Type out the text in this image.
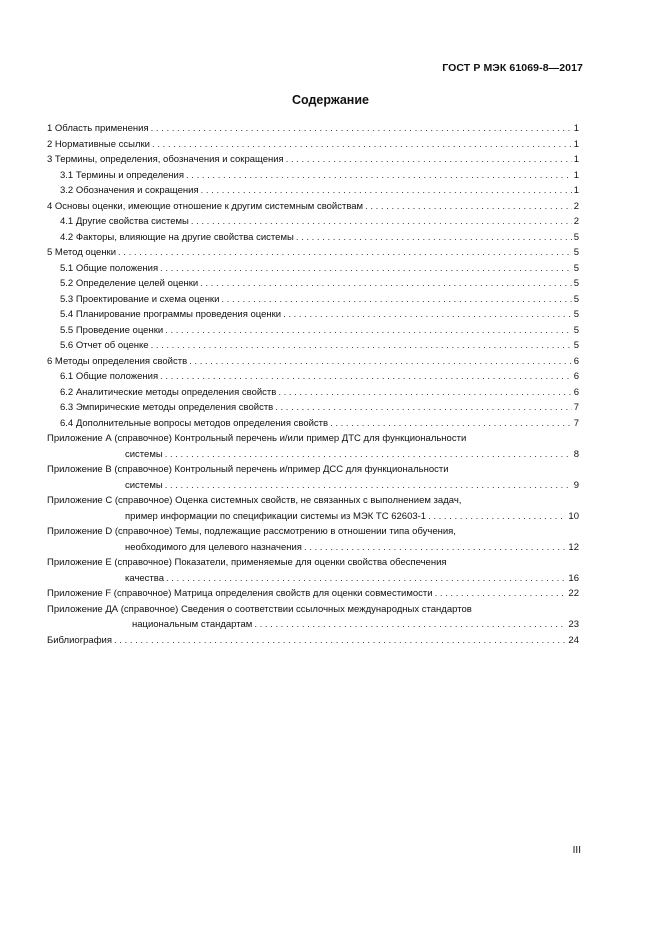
ГОСТ Р МЭК 61069-8—2017
Содержание
1 Область применения . . .	1
2 Нормативные ссылки . . .	1
3 Термины, определения, обозначения и сокращения . . .	1
3.1 Термины и определения . . .	1
3.2 Обозначения и сокращения . . .	1
4 Основы оценки, имеющие отношение к другим системным свойствам . . .	2
4.1 Другие свойства системы . . .	2
4.2 Факторы, влияющие на другие свойства системы . . .	5
5 Метод оценки . . .	5
5.1 Общие положения . . .	5
5.2 Определение целей оценки . . .	5
5.3 Проектирование и схема оценки . . .	5
5.4 Планирование программы проведения оценки . . .	5
5.5 Проведение оценки . . .	5
5.6 Отчет об оценке . . .	5
6 Методы определения свойств . . .	6
6.1 Общие положения . . .	6
6.2 Аналитические методы определения свойств . . .	6
6.3 Эмпирические методы определения свойств . . .	7
6.4 Дополнительные вопросы методов определения свойств . . .	7
Приложение А (справочное) Контрольный перечень и/или пример ДТС для функциональности
системы . . .	8
Приложение В (справочное) Контрольный перечень и/пример ДСС для функциональности
системы . . .	9
Приложение С (справочное) Оценка системных свойств, не связанных с выполнением задач,
пример информации по спецификации системы из МЭК ТС 62603-1 . . .	10
Приложение D (справочное) Темы, подлежащие рассмотрению в отношении типа обучения,
необходимого для целевого назначения . . .	12
Приложение Е (справочное) Показатели, применяемые для оценки свойства обеспечения
качества . . .	16
Приложение F (справочное) Матрица определения свойств для оценки совместимости . . .	22
Приложение ДА (справочное) Сведения о соответствии ссылочных международных стандартов
национальным стандартам . . .	23
Библиография . . .	24
III
